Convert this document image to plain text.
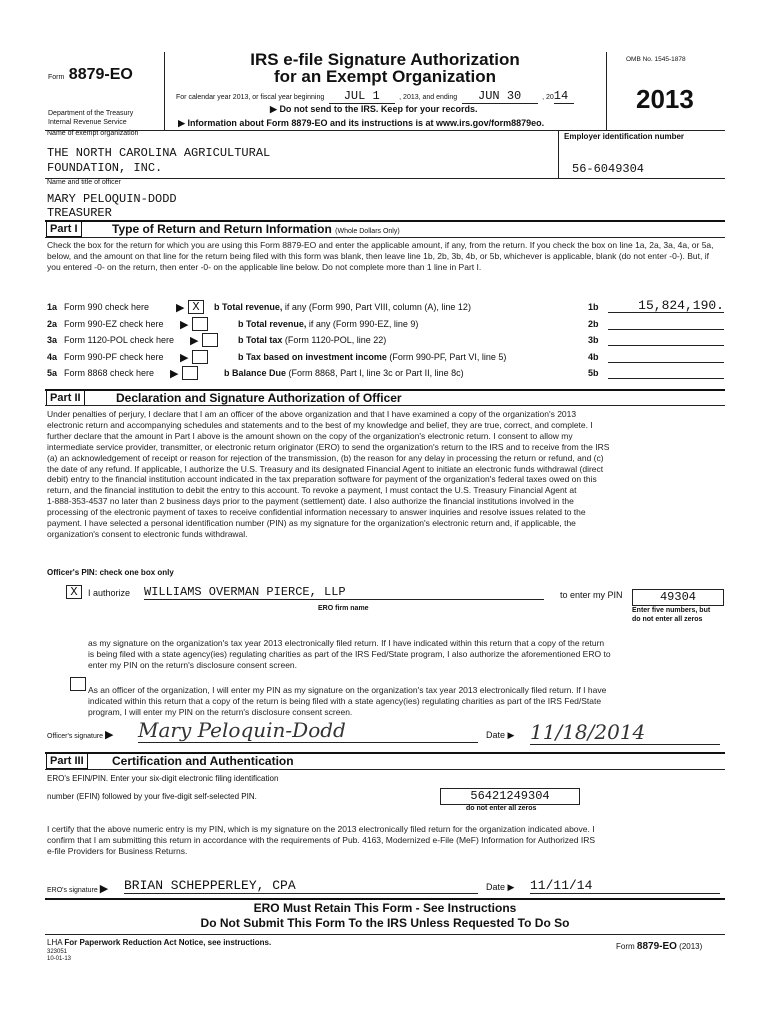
Form 8879-EO
Department of the Treasury
Internal Revenue Service
IRS e-file Signature Authorization
for an Exempt Organization
For calendar year 2013, or fiscal year beginning JUL 1	, 2013, and ending JUN 30	, 2014
▶ Do not send to the IRS. Keep for your records.
▶ Information about Form 8879-EO and its instructions is at www.irs.gov/form8879eo.
OMB No. 1545-1878
2013
Name of exempt organization
THE NORTH CAROLINA AGRICULTURAL
FOUNDATION, INC.
Employer identification number
56-6049304
Name and title of officer
MARY PELOQUIN-DODD
TREASURER
Part I	Type of Return and Return Information (Whole Dollars Only)
Check the box for the return for which you are using this Form 8879-EO and enter the applicable amount, if any, from the return. If you check the box on line 1a, 2a, 3a, 4a, or 5a, below, and the amount on that line for the return being filed with this form was blank, then leave line 1b, 2b, 3b, 4b, or 5b, whichever is applicable, blank (do not enter -0-). But, if you entered -0- on the return, then enter -0- on the applicable line below. Do not complete more than 1 line in Part I.
1a Form 990 check here ▶ X	b Total revenue, if any (Form 990, Part VIII, column (A), line 12)	1b	15,824,190.
2a Form 990-EZ check here ▶	b Total revenue, if any (Form 990-EZ, line 9)	2b
3a Form 1120-POL check here ▶	b Total tax (Form 1120-POL, line 22)	3b
4a Form 990-PF check here ▶	b Tax based on investment income (Form 990-PF, Part VI, line 5)	4b
5a Form 8868 check here ▶	b Balance Due (Form 8868, Part I, line 3c or Part II, line 8c)	5b
Part II	Declaration and Signature Authorization of Officer
Under penalties of perjury, I declare that I am an officer of the above organization and that I have examined a copy of the organization's 2013
electronic return and accompanying schedules and statements and to the best of my knowledge and belief, they are true, correct, and complete. I
further declare that the amount in Part I above is the amount shown on the copy of the organization's electronic return. I consent to allow my
intermediate service provider, transmitter, or electronic return originator (ERO) to send the organization's return to the IRS and to receive from the IRS
(a) an acknowledgement of receipt or reason for rejection of the transmission, (b) the reason for any delay in processing the return or refund, and (c)
the date of any refund. If applicable, I authorize the U.S. Treasury and its designated Financial Agent to initiate an electronic funds withdrawal (direct
debit) entry to the financial institution account indicated in the tax preparation software for payment of the organization's federal taxes owed on this
return, and the financial institution to debit the entry to this account. To revoke a payment, I must contact the U.S. Treasury Financial Agent at
1-888-353-4537 no later than 2 business days prior to the payment (settlement) date. I also authorize the financial institutions involved in the
processing of the electronic payment of taxes to receive confidential information necessary to answer inquiries and resolve issues related to the
payment. I have selected a personal identification number (PIN) as my signature for the organization's electronic return and, if applicable, the
organization's consent to electronic funds withdrawal.
Officer's PIN: check one box only
X	I authorize WILLIAMS OVERMAN PIERCE, LLP
ERO firm name
to enter my PIN	49304
Enter five numbers, but
do not enter all zeros
as my signature on the organization's tax year 2013 electronically filed return. If I have indicated within this return that a copy of the return
is being filed with a state agency(ies) regulating charities as part of the IRS Fed/State program, I also authorize the aforementioned ERO to
enter my PIN on the return's disclosure consent screen.
As an officer of the organization, I will enter my PIN as my signature on the organization's tax year 2013 electronically filed return. If I have
indicated within this return that a copy of the return is being filed with a state agency(ies) regulating charities as part of the IRS Fed/State
program, I will enter my PIN on the return's disclosure consent screen.
Officer's signature ▶ Mary Peloquin-Dodd	Date ▶ 11/18/2014
Part III	Certification and Authentication
ERO's EFIN/PIN. Enter your six-digit electronic filing identification
number (EFIN) followed by your five-digit self-selected PIN.	56421249304
do not enter all zeros
I certify that the above numeric entry is my PIN, which is my signature on the 2013 electronically filed return for the organization indicated above. I
confirm that I am submitting this return in accordance with the requirements of Pub. 4163, Modernized e-File (MeF) Information for Authorized IRS
e-file Providers for Business Returns.
ERO's signature ▶ BRIAN SCHEPPERLEY, CPA	Date ▶ 11/11/14
ERO Must Retain This Form - See Instructions
Do Not Submit This Form To the IRS Unless Requested To Do So
LHA For Paperwork Reduction Act Notice, see instructions.
323051
10-01-13
Form 8879-EO (2013)
